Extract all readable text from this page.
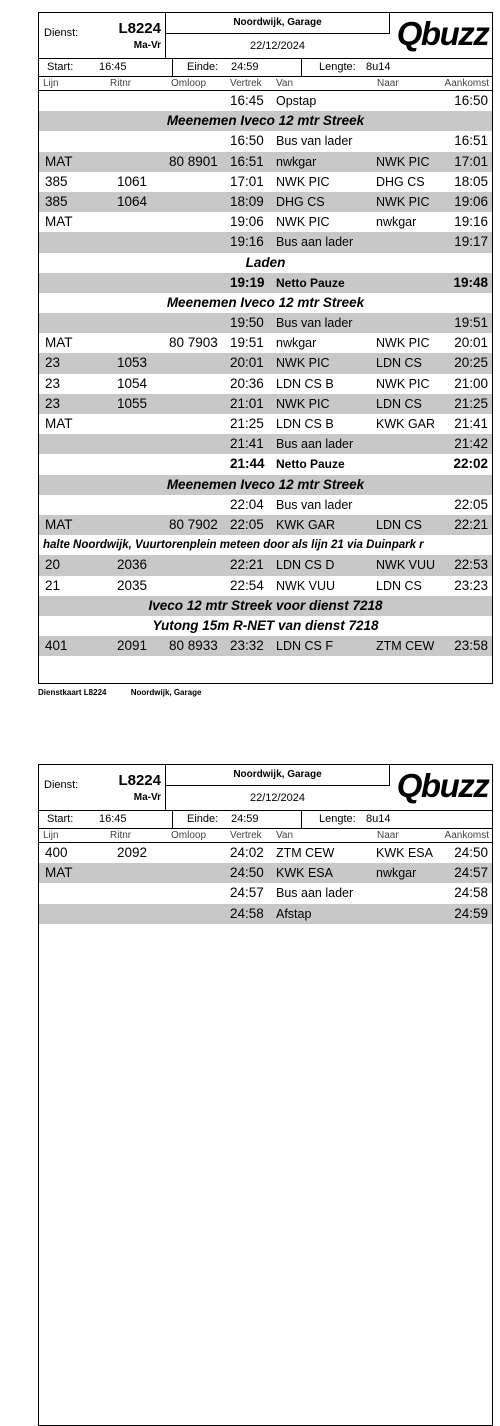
Dienst:	L8224
Ma-Vr
Noordwijk, Garage
22/12/2024	Qbuzz
Start: 16:45	Einde: 24:59	Lengte: 8u14
Lijn	Ritnr	Omloop Vertrek Van	Naar	Aankomst
16:45 Opstap	16:50
Meenemen Iveco 12 mtr Streek
16:50 Bus van lader	16:51
MAT	80 8901 16:51 nwkgar	NWK PIC 17:01
385	1061	17:01 NWK PIC	DHG CS 18:05
385	1064	18:09 DHG CS	NWK PIC 19:06
MAT	19:06 NWK PIC	nwkgar	19:16
19:16 Bus aan lader	19:17
Laden
19:19 Netto Pauze	19:48
Meenemen Iveco 12 mtr Streek
19:50 Bus van lader	19:51
MAT	80 7903 19:51 nwkgar	NWK PIC 20:01
23	1053	20:01 NWK PIC	LDN CS 20:25
23	1054	20:36 LDN CS B	NWK PIC 21:00
23	1055	21:01 NWK PIC	LDN CS 21:25
MAT	21:25 LDN CS B	KWK GAR 21:41
21:41 Bus aan lader	21:42
21:44 Netto Pauze	22:02
Meenemen Iveco 12 mtr Streek
22:04 Bus van lader	22:05
MAT	80 7902 22:05 KWK GAR	LDN CS 22:21
halte Noordwijk, Vuurtorenplein meteen door als lijn 21 via Duinpark r
20	2036	22:21 LDN CS D	NWK VUU 22:53
21	2035	22:54 NWK VUU	LDN CS 23:23
Iveco 12 mtr Streek voor dienst 7218
Yutong 15m R-NET van dienst 7218
401	2091 80 8933 23:32 LDN CS F	ZTM CEW 23:58
Dienstkaart L8224	Noordwijk, Garage
Dienst:	L8224
Ma-Vr
Noordwijk, Garage
22/12/2024	Qbuzz
Start: 16:45	Einde: 24:59	Lengte: 8u14
Lijn	Ritnr	Omloop Vertrek Van	Naar	Aankomst
400	2092	24:02 ZTM CEW	KWK ESA 24:50
MAT	24:50 KWK ESA	nwkgar	24:57
24:57 Bus aan lader	24:58
24:58 Afstap	24:59
